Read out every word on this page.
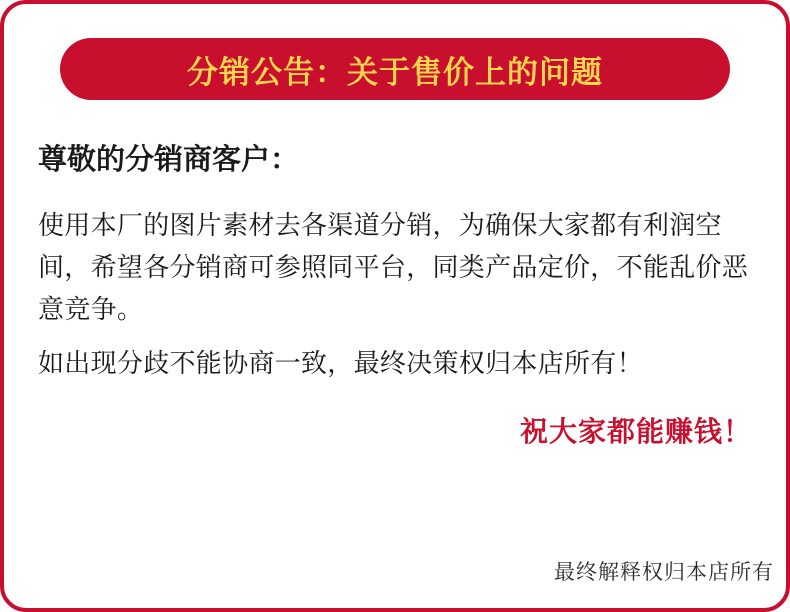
分销公告：关于售价上的问题

尊敬的分销商客户：

使用本厂的图片素材去各渠道分销，为确保大家都有利润空间，希望各分销商可参照同平台，同类产品定价，不能乱价恶意竞争。

如出现分歧不能协商一致，最终决策权归本店所有！

祝大家都能赚钱！
最终解释权归本店所有
